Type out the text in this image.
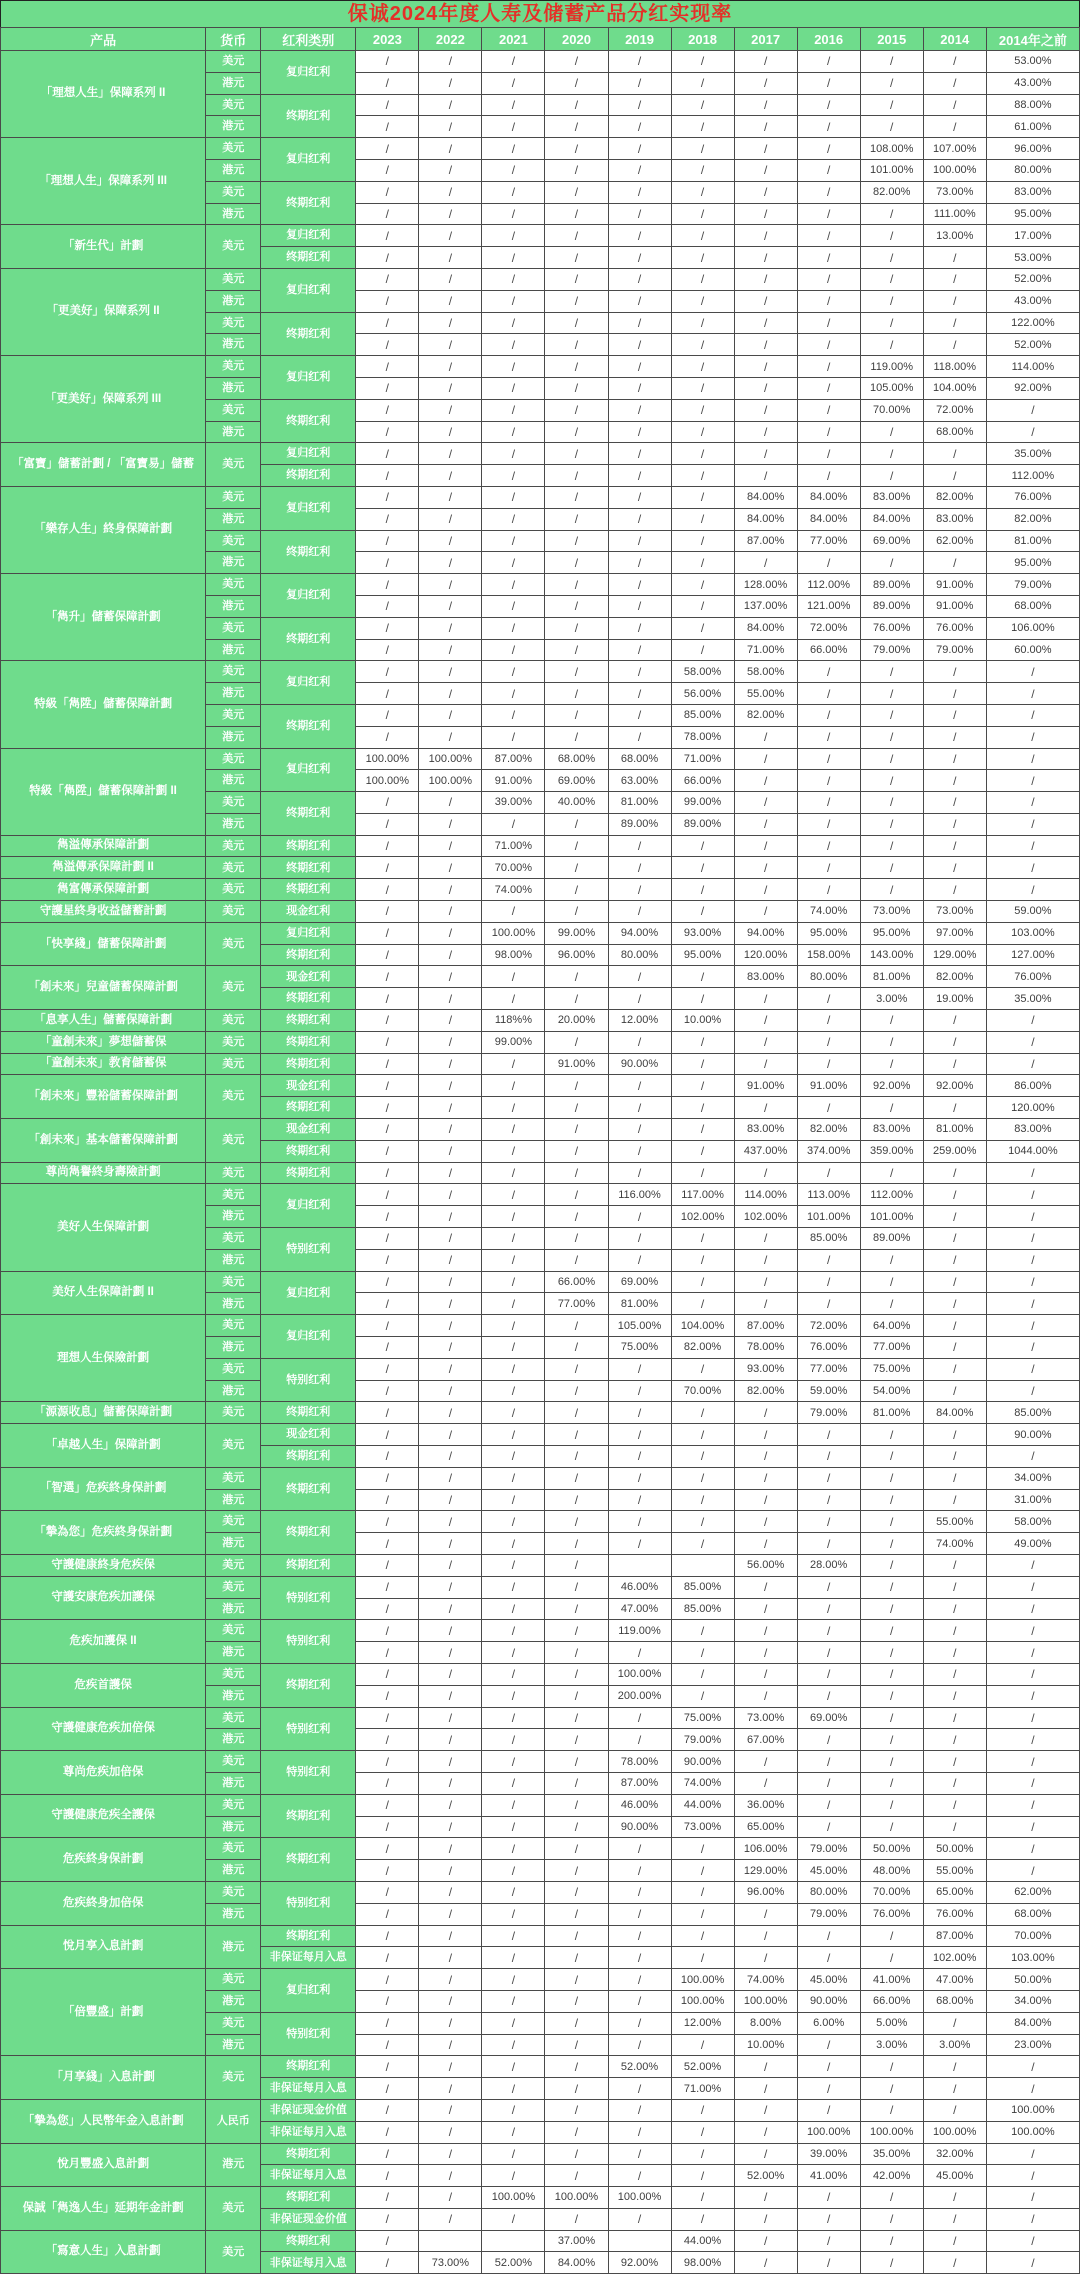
保诚2024年度人寿及储蓄产品分红实现率
产品	货币	红利类别	2023	2022	2021	2020	2019	2018	2017	2016	2015	2014	2014年之前
「理想人生」保障系列 II	美元	复归红利	/	/	/	/	/	/	/	/	/	/	53.00%
	港元		/	/	/	/	/	/	/	/	/	/	43.00%
	美元	终期红利	/	/	/	/	/	/	/	/	/	/	88.00%
	港元		/	/	/	/	/	/	/	/	/	/	61.00%
「理想人生」保障系列 III	美元	复归红利	/	/	/	/	/	/	/	/	108.00%	107.00%	96.00%
	港元		/	/	/	/	/	/	/	/	101.00%	100.00%	80.00%
	美元	终期红利	/	/	/	/	/	/	/	/	82.00%	73.00%	83.00%
	港元		/	/	/	/	/	/	/	/	/	111.00%	95.00%
「新生代」計劃	美元	复归红利	/	/	/	/	/	/	/	/	/	13.00%	17.00%
		终期红利	/	/	/	/	/	/	/	/	/	/	53.00%
「更美好」保障系列 II	美元	复归红利	/	/	/	/	/	/	/	/	/	/	52.00%
	港元		/	/	/	/	/	/	/	/	/	/	43.00%
	美元	终期红利	/	/	/	/	/	/	/	/	/	/	122.00%
	港元		/	/	/	/	/	/	/	/	/	/	52.00%
「更美好」保障系列 III	美元	复归红利	/	/	/	/	/	/	/	/	119.00%	118.00%	114.00%
	港元		/	/	/	/	/	/	/	/	105.00%	104.00%	92.00%
	美元	终期红利	/	/	/	/	/	/	/	/	70.00%	72.00%	/
	港元		/	/	/	/	/	/	/	/	/	68.00%	/
「富寶」儲蓄計劃 / 「富寶易」儲蓄	美元	复归红利	/	/	/	/	/	/	/	/	/	/	35.00%
		终期红利	/	/	/	/	/	/	/	/	/	/	112.00%
「樂存人生」終身保障計劃	美元	复归红利	/	/	/	/	/	/	84.00%	84.00%	83.00%	82.00%	76.00%
	港元		/	/	/	/	/	/	84.00%	84.00%	84.00%	83.00%	82.00%
	美元	终期红利	/	/	/	/	/	/	87.00%	77.00%	69.00%	62.00%	81.00%
	港元		/	/	/	/	/	/	/	/	/	/	95.00%
「雋升」儲蓄保障計劃	美元	复归红利	/	/	/	/	/	/	128.00%	112.00%	89.00%	91.00%	79.00%
	港元		/	/	/	/	/	/	137.00%	121.00%	89.00%	91.00%	68.00%
	美元	终期红利	/	/	/	/	/	/	84.00%	72.00%	76.00%	76.00%	106.00%
	港元		/	/	/	/	/	/	71.00%	66.00%	79.00%	79.00%	60.00%
特級「雋陞」儲蓄保障計劃	美元	复归红利	/	/	/	/	/	58.00%	58.00%	/	/	/	/
	港元		/	/	/	/	/	56.00%	55.00%	/	/	/	/
	美元	终期红利	/	/	/	/	/	85.00%	82.00%	/	/	/	/
	港元		/	/	/	/	/	78.00%	/	/	/	/	/
特級「雋陞」儲蓄保障計劃 II	美元	复归红利	100.00%	100.00%	87.00%	68.00%	68.00%	71.00%	/	/	/	/	/
	港元		100.00%	100.00%	91.00%	69.00%	63.00%	66.00%	/	/	/	/	/
	美元	终期红利	/	/	39.00%	40.00%	81.00%	99.00%	/	/	/	/	/
	港元		/	/	/	/	89.00%	89.00%	/	/	/	/	/
雋溢傳承保障計劃	美元	终期红利	/	/	71.00%	/	/	/	/	/	/	/	/
雋溢傳承保障計劃 II	美元	终期红利	/	/	70.00%	/	/	/	/	/	/	/	/
雋富傳承保障計劃	美元	终期红利	/	/	74.00%	/	/	/	/	/	/	/	/
守護星終身收益儲蓄計劃	美元	现金红利	/	/	/	/	/	/	/	74.00%	73.00%	73.00%	59.00%
「快享綫」儲蓄保障計劃	美元	复归红利	/	/	100.00%	99.00%	94.00%	93.00%	94.00%	95.00%	95.00%	97.00%	103.00%
		终期红利	/	/	98.00%	96.00%	80.00%	95.00%	120.00%	158.00%	143.00%	129.00%	127.00%
「創未來」兒童儲蓄保障計劃	美元	现金红利	/	/	/	/	/	/	83.00%	80.00%	81.00%	82.00%	76.00%
		终期红利	/	/	/	/	/	/	/	/	3.00%	19.00%	35.00%
「息享人生」儲蓄保障計劃	美元	终期红利	/	/	118%%	20.00%	12.00%	10.00%	/	/	/	/	/
「童創未來」夢想儲蓄保	美元	终期红利	/	/	99.00%	/	/	/	/	/	/	/	/
「童創未來」教育儲蓄保	美元	终期红利	/	/	/	91.00%	90.00%	/	/	/	/	/	/
「創未來」豐裕儲蓄保障計劃	美元	现金红利	/	/	/	/	/	/	91.00%	91.00%	92.00%	92.00%	86.00%
		终期红利	/	/	/	/	/	/	/	/	/	/	120.00%
「創未來」基本儲蓄保障計劃	美元	现金红利	/	/	/	/	/	/	83.00%	82.00%	83.00%	81.00%	83.00%
		终期红利	/	/	/	/	/	/	437.00%	374.00%	359.00%	259.00%	1044.00%
尊尚雋譽終身壽險計劃	美元	终期红利	/	/	/	/	/	/	/	/	/	/	/
美好人生保障計劃	美元	复归红利	/	/	/	/	116.00%	117.00%	114.00%	113.00%	112.00%	/	/
	港元		/	/	/	/	/	102.00%	102.00%	101.00%	101.00%	/	/
	美元	特别红利	/	/	/	/	/	/	/	85.00%	89.00%	/	/
	港元		/	/	/	/	/	/	/	/	/	/	/
美好人生保障計劃 II	美元	复归红利	/	/	/	66.00%	69.00%	/	/	/	/	/	/
	港元		/	/	/	77.00%	81.00%	/	/	/	/	/	/
理想人生保險計劃	美元	复归红利	/	/	/	/	105.00%	104.00%	87.00%	72.00%	64.00%	/	/
	港元		/	/	/	/	75.00%	82.00%	78.00%	76.00%	77.00%	/	/
	美元	特别红利	/	/	/	/	/	/	93.00%	77.00%	75.00%	/	/
	港元		/	/	/	/	/	70.00%	82.00%	59.00%	54.00%	/	/
「源源收息」儲蓄保障計劃	美元	终期红利	/	/	/	/	/	/	/	79.00%	81.00%	84.00%	85.00%
「卓越人生」保障計劃	美元	现金红利	/	/	/	/	/	/	/	/	/	/	90.00%
		终期红利	/	/	/	/	/	/	/	/	/	/	/
「智選」危疾終身保計劃	美元	终期红利	/	/	/	/	/	/	/	/	/	/	34.00%
	港元		/	/	/	/	/	/	/	/	/	/	31.00%
「摯為您」危疾終身保計劃	美元	终期红利	/	/	/	/	/	/	/	/	/	55.00%	58.00%
	港元		/	/	/	/	/	/	/	/	/	74.00%	49.00%
守護健康終身危疾保	美元	终期红利	/	/	/	/			56.00%	28.00%	/	/	/
守護安康危疾加護保	美元	特别红利	/	/	/	/	46.00%	85.00%	/	/	/	/	/
	港元		/	/	/	/	47.00%	85.00%	/	/	/	/	/
危疾加護保 II	美元	特别红利	/	/	/	/	119.00%	/	/	/	/	/	/
	港元		/	/	/	/	/	/	/	/	/	/	/
危疾首護保	美元	终期红利	/	/	/	/	100.00%	/	/	/	/	/	/
	港元		/	/	/	/	200.00%	/	/	/	/	/	/
守護健康危疾加倍保	美元	特别红利	/	/	/	/	/	75.00%	73.00%	69.00%	/	/	/
	港元		/	/	/	/	/	79.00%	67.00%	/	/	/	/
尊尚危疾加倍保	美元	特别红利	/	/	/	/	78.00%	90.00%	/	/	/	/	/
	港元		/	/	/	/	87.00%	74.00%	/	/	/	/	/
守護健康危疾全護保	美元	终期红利	/	/	/	/	46.00%	44.00%	36.00%	/	/	/	/
	港元		/	/	/	/	90.00%	73.00%	65.00%	/	/	/	/
危疾終身保計劃	美元	终期红利	/	/	/	/	/	/	106.00%	79.00%	50.00%	50.00%	/
	港元		/	/	/	/	/	/	129.00%	45.00%	48.00%	55.00%	/
危疾終身加倍保	美元	特别红利	/	/	/	/	/	/	96.00%	80.00%	70.00%	65.00%	62.00%
	港元		/	/	/	/	/	/	/	79.00%	76.00%	76.00%	68.00%
悅月享入息計劃	港元	终期红利	/	/	/	/	/	/	/	/	/	87.00%	70.00%
		非保证每月入息	/	/	/	/	/	/	/	/	/	102.00%	103.00%
「倍豐盛」計劃	美元	复归红利	/	/	/	/	/	100.00%	74.00%	45.00%	41.00%	47.00%	50.00%
	港元		/	/	/	/	/	100.00%	100.00%	90.00%	66.00%	68.00%	34.00%
	美元	特别红利	/	/	/	/	/	12.00%	8.00%	6.00%	5.00%	/	84.00%
	港元		/	/	/	/	/	/	10.00%	/	3.00%	3.00%	23.00%
「月享綫」入息計劃	美元	终期红利	/	/	/	/	52.00%	52.00%	/	/	/	/	/
		非保证每月入息	/	/	/	/	/	71.00%	/	/	/	/	/
「摯為您」人民幣年金入息計劃	人民币	非保证现金价值	/	/	/	/	/	/	/	/	/	/	100.00%
		非保证每月入息	/	/	/	/	/	/	/	100.00%	100.00%	100.00%	100.00%
悅月豐盛入息計劃	港元	终期红利	/	/	/	/	/	/	/	39.00%	35.00%	32.00%	/
		非保证每月入息	/	/	/	/	/	/	52.00%	41.00%	42.00%	45.00%	/
保誠「雋逸人生」延期年金計劃	美元	终期红利	/	/	100.00%	100.00%	100.00%	/	/	/	/	/	/
		非保证现金价值	/	/	/	/	/	/	/	/	/	/	/
「寫意人生」入息計劃	美元	终期红利	/			37.00%		44.00%	/	/	/	/	/
		非保证每月入息	/	73.00%	52.00%	84.00%	92.00%	98.00%	/	/	/	/	/
